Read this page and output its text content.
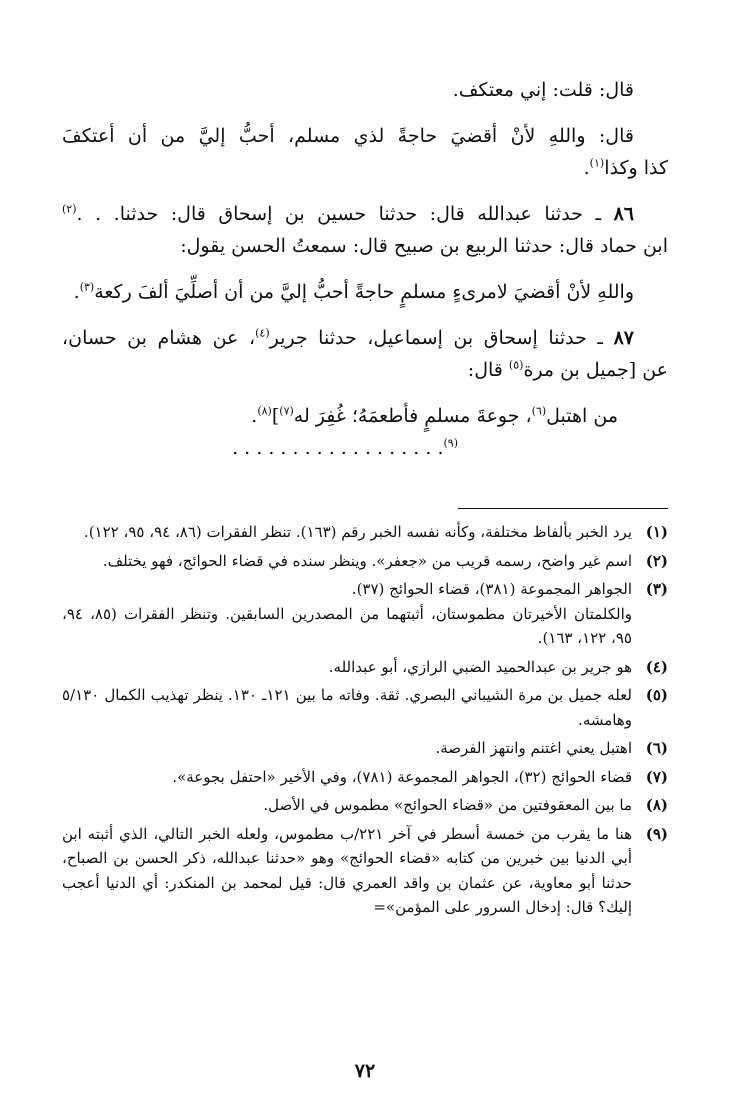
قال: قلت: إني معتكف.

قال: واللهِ لأنْ أقضيَ حاجةً لذي مسلم، أحبُّ إليَّ من أن أعتكفَ

كذا وكذا$^{(١)}$.

٨٦ ـ حدثنا عبدالله قال: حدثنا حسين بن إسحاق قال: حدثنا. . .$^{(٢)}$

ابن حماد قال: حدثنا الربيع بن صبيح قال: سمعتُ الحسن يقول:

واللهِ لأنْ أقضيَ لامرىءٍ مسلمٍ حاجةً أحبُّ إليَّ من أن أصلِّيَ ألفَ ركعة$^{(٣)}$.

٨٧ ـ حدثنا إسحاق بن إسماعيل، حدثنا جرير$^{(٤)}$، عن هشام بن حسان،

عن [جميل بن مرة$^{(٥)}$ قال:

من اهتبل$^{(٦)}$، جوعةَ مسلمٍ فأطعمَهُ؛ غُفِرَ له$^{(٧)}$]$^{(٨)}$.

$^{(٩)}$. . . . . . . . . . . . . . . . . .

(١)
يرد الخبر بألفاظ مختلفة، وكأنه نفسه الخبر رقم (١٦٣). تنظر الفقرات (٨٦، ٩٤، ٩٥، ١٢٢).
(٢)
اسم غير واضح، رسمه قريب من «جعفر». وينظر سنده في قضاء الحوائج، فهو يختلف.
(٣)

الجواهر المجموعة (٣٨١)، قضاء الحوائج (٣٧).

والكلمتان الأخيرتان مطموستان، أثبتهما من المصدرين السابقين. وتنظر الفقرات (٨٥، ٩٤، ٩٥، ١٢٢، ١٦٣).

(٤)
هو جرير بن عبدالحميد الضبي الرازي، أبو عبدالله.
(٥)
لعله جميل بن مرة الشيباني البصري. ثقة. وفاته ما بين ١٢١ـ ١٣٠. ينظر تهذيب الكمال ٥/١٣٠ وهامشه.
(٦)
اهتبل يعني اغتنم وانتهز الفرصة.
(٧)
قضاء الحوائج (٣٢)، الجواهر المجموعة (٧٨١)، وفي الأخير «احتفل بجوعة».
(٨)
ما بين المعقوفتين من «قضاء الحوائج» مطموس في الأصل.
(٩)
هنا ما يقرب من خمسة أسطر في آخر ٢٢١/ب مطموس، ولعله الخبر التالي، الذي أثبته ابن أبي الدنيا بين خبرين من كتابه «قضاء الحوائج» وهو «حدثنا عبدالله، ذكر الحسن بن الصباح، حدثنا أبو معاوية، عن عثمان بن واقد العمري قال: قيل لمحمد بن المنكدر: أي الدنيا أعجب إليك؟ قال: إدخال السرور على المؤمن»=
٧٢
